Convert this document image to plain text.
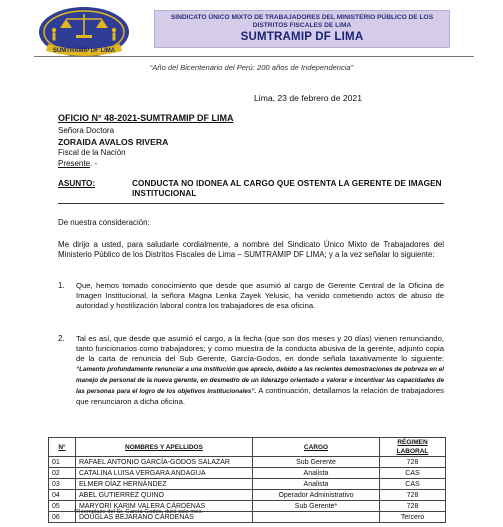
SUMTRAMIP DF LIMA
SINDICATO ÚNICO MIXTO DE TRABAJADORES DEL MINISTERIO PÚBLICO DE LOS
DISTRITOS FISCALES DE LIMA
SUMTRAMIP DF LIMA
“Año del Bicentenario del Perú: 200 años de Independencia”
Lima, 23 de febrero de 2021
OFICIO N° 48-2021-SUMTRAMIP DF LIMA
Señora Doctora
ZORAIDA AVALOS RIVERA
Fiscal de la Nación
Presente. -
ASUNTO:	CONDUCTA NO IDONEA AL CARGO QUE OSTENTA LA GERENTE DE IMAGEN INSTITUCIONAL
De nuestra consideración:
Me dirijo a usted, para saludarle cordialmente, a nombre del Sindicato Único Mixto de Trabajadores del Ministerio Público de los Distritos Fiscales de Lima – SUMTRAMIP DF LIMA; y a la vez señalar lo siguiente:
1. Que, hemos tomado conocimiento que desde que asumió al cargo de Gerente Central de la Oficina de Imagen Institucional, la señora Magna Lenka Zayek Yelusic, ha venido cometiendo actos de abuso de autoridad y hostilización laboral contra los trabajadores de esa oficina.
2. Tal es así, que desde que asumió el cargo, a la fecha (que son dos meses y 20 días) vienen renunciando, tanto funcionarios como trabajadores; y como muestra de la conducta abusiva de la gerente, adjunto copia de la carta de renuncia del Sub Gerente, García-Godos, en donde señala taxativamente lo siguiente: “Lamento profundamente renunciar a una institución que aprecio, debido a las recientes demostraciones de pobreza en el manejo de personal de la nueva gerente, en desmedro de un liderazgo orientado a valorar e incentivar las capacidades de las personas para el logro de los objetivos institucionales”. A continuación, detallamos la relación de trabajadores que renunciaron a dicha oficina.
N°	NOMBRES Y APELLIDOS	CARGO	RÉGIMEN LABORAL
01	RAFAEL ANTONIO GARCÍA-GODOS SALAZAR	Sub Gerente	728
02	CATALINA LUISA VERGARA ANDAGUA	Analista	CAS
03	ELMER DÍAZ HERNÁNDEZ	Analista	CAS
04	ABEL GUTIERREZ QUINO	Operador Administrativo	728
05	MARYORI KARIM VALERA CÁRDENAS	Sub Gerente*	728
06	DOUGLAS BEJARANO CÁRDENAS		Tercero
*Reemplazo del Sr. García-Godos, duró solo mes.
